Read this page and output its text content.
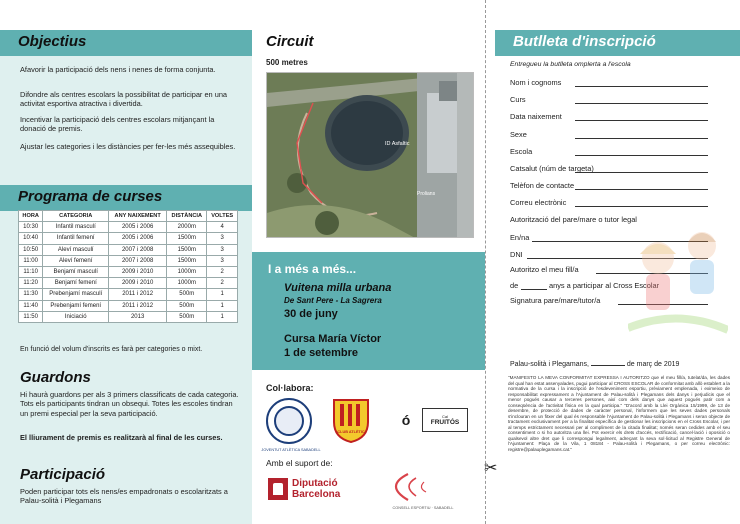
Objectius
Afavorir la participació dels nens i nenes de forma conjunta.
Difondre als centres escolars la possibilitat de participar en una activitat esportiva atractiva i divertida.
Incentivar la participació dels centres escolars mitjançant la donació de premis.
Ajustar les categories i les distàncies per fer-les més assequibles.
Programa de curses
HORA	CATEGORIA	ANY NAIXEMENT	DISTÀNCIA	VOLTES
10:30	Infantil masculí	2005 i 2006	2000m	4
10:40	Infantil femení	2005 i 2006	1500m	3
10:50	Aleví masculí	2007 i 2008	1500m	3
11:00	Aleví femení	2007 i 2008	1500m	3
11:10	Benjamí masculí	2009 i 2010	1000m	2
11:20	Benjamí femení	2009 i 2010	1000m	2
11:30	Prebenjamí masculí	2011 i 2012	500m	1
11:40	Prebenjamí femení	2011 i 2012	500m	1
11:50	Iniciació	2013	500m	1
En funció del volum d'inscrits es farà per categories o mixt.
Guardons
Hi haurà guardons per als 3 primers classificats de cada categoria. Tots els participants tindran un obsequi. Totes les escoles tindran un premi especial per la seva participació.
El lliurament de premis es realitzarà al final de les curses.
Participació
Poden participar tots els nens/es empadronats o escolaritzats a Palau-solità i Plegamans
Circuit
500 metres
ID Asfaltic
Prolians
I a més a més...
Vuitena milla urbana
De Sant Pere - La Sagrera
30 de juny
Cursa María Víctor
1 de setembre
Col·labora:
JOVENTUT ATLÈTICA SABADELL
CLUB ATLÈTIC
ó	Cal
FRUITÓS
Amb el suport de:
Diputació
Barcelona
CONSELL ESPORTIU · SABADELL
Butlleta d'inscripció
Entregueu la butlleta omplerta a l'escola
Nom i cognoms
Curs
Data naixement
Sexe
Escola
Catsalut (núm de targeta)
Telèfon de contacte
Correu electrònic
Autorització del pare/mare o tutor legal
En/na
DNI
Autoritzo el meu fill/a
de	anys a participar al Cross Escolar
Signatura pare/mare/tutor/a
Palau-solità i Plegamans,	de març de 2019
"MANIFESTO LA MEVA CONFORMITAT EXPRESSA I AUTORITZO que el meu fill/a, tutelat/da, les dades del qual han estat assenyalades, pugui participar al CROSS ESCOLAR de conformitat amb allò establert a la normativa de la cursa i la inscripció de l'esdeveniment esportiu, prèviament emplenada, i eximeixo de responsabilitat expressament a l'Ajuntament de Palau-solità i Plegamans dels danys i perjudicis que el menor pogués causar a terceres persones, així com dels danys que aquest pogués patir com a conseqüència de l'activitat física en la qual participa." "D'acord amb la Llei Orgànica 15/1999, de 13 de desembre, de protecció de dades de caràcter personal, l'informem que les seves dades personals s'inclouran en un fitxer del qual és responsable l'Ajuntament de Palau-solità i Plegamans i seran objecte de tractament exclusivament per a la finalitat específica de gestionar les inscripcions en el Cross Escolar, i per al temps estrictament necessari per al compliment de la citada finalitat; només seran cedides amb el seu consentiment o si ho autoritza una llei. Pot exercir els drets d'accés, rectificació, cancel·lació i oposició o qualsevol altre dret que li correspongui legalment, adreçant la seva sol·licitud al Registre General de l'Ajuntament: Plaça de la Vila, 1 08184 - Palau-solità i Plegamans, o per correu electrònic: registre@palauplegamans.cat."
✂
